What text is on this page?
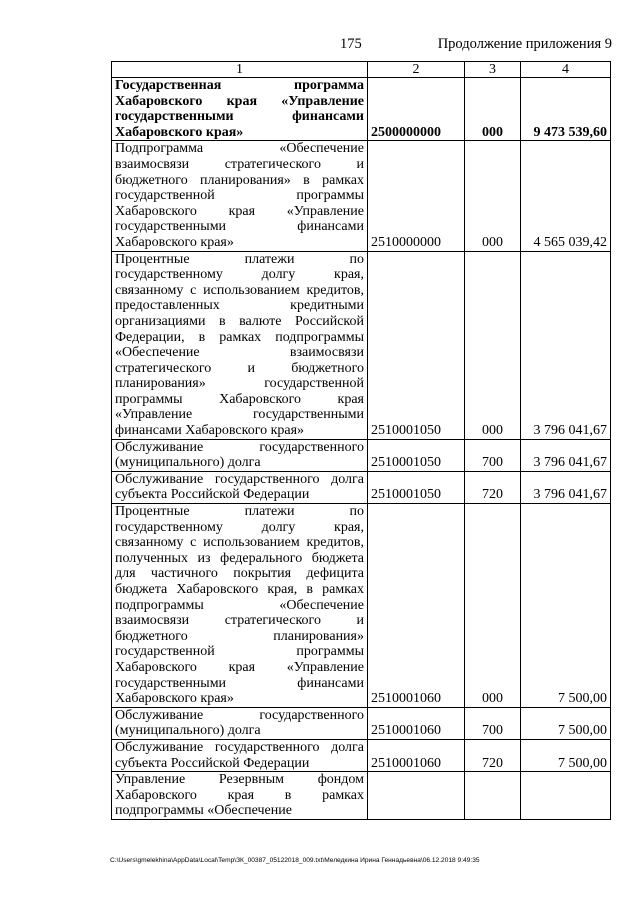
175	Продолжение приложения 9
1	2	3	4
Государственная программа Хабаровского края «Управление государственными финансами Хабаровского края»	2500000000	000	9 473 539,60
Подпрограмма «Обеспечение взаимосвязи стратегического и бюджетного планирования» в рамках государственной программы Хабаровского края «Управление государственными финансами Хабаровского края»	2510000000	000	4 565 039,42
Процентные платежи по государственному долгу края, связанному с использованием кредитов, предоставленных кредитными организациями в валюте Российской Федерации, в рамках подпрограммы «Обеспечение взаимосвязи стратегического и бюджетного планирования» государственной программы Хабаровского края «Управление государственными финансами Хабаровского края»	2510001050	000	3 796 041,67
Обслуживание государственного (муниципального) долга	2510001050	700	3 796 041,67
Обслуживание государственного долга субъекта Российской Федерации	2510001050	720	3 796 041,67
Процентные платежи по государственному долгу края, связанному с использованием кредитов, полученных из федерального бюджета для частичного покрытия дефицита бюджета Хабаровского края, в рамках подпрограммы «Обеспечение взаимосвязи стратегического и бюджетного планирования» государственной программы Хабаровского края «Управление государственными финансами Хабаровского края»	2510001060	000	7 500,00
Обслуживание государственного (муниципального) долга	2510001060	700	7 500,00
Обслуживание государственного долга субъекта Российской Федерации	2510001060	720	7 500,00
Управление Резервным фондом Хабаровского края в рамках подпрограммы «Обеспечение			
C:\Users\gmelekhina\AppData\Local\Temp\ЗК_00387_05122018_009.txt\Меледкина Ирина Геннадьевна\06.12.2018 9:49:35
